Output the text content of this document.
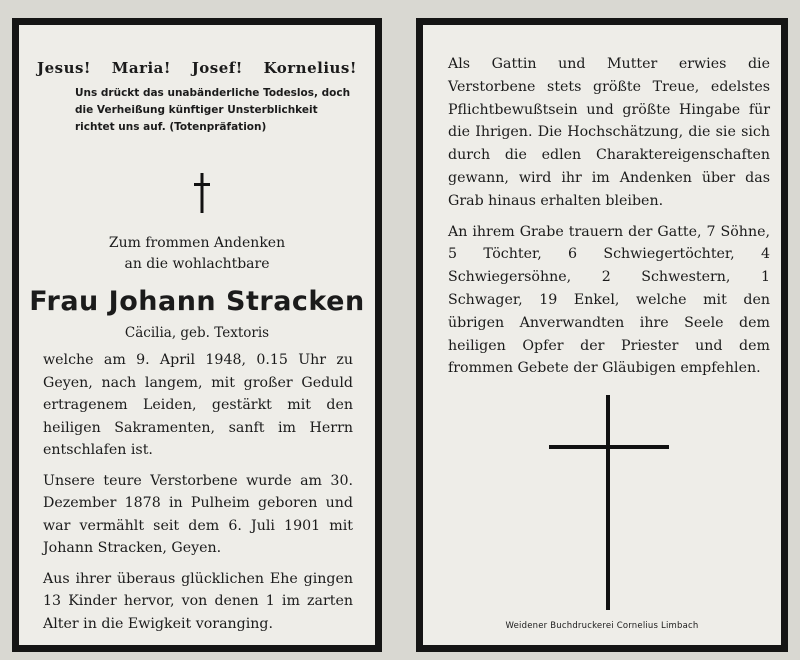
Jesus! Maria! Josef! Kornelius!
Uns drückt das unabänderliche Todeslos, doch die Verheißung künftiger Unsterblichkeit richtet uns auf. (Totenpräfation)
Zum frommen Andenken
an die wohlachtbare
Frau Johann Stracken
Cäcilia, geb. Textoris

welche am 9. April 1948, 0.15 Uhr zu Geyen, nach langem, mit großer Geduld ertragenem Leiden, gestärkt mit den heiligen Sakramenten, sanft im Herrn entschlafen ist.

Unsere teure Verstorbene wurde am 30. Dezember 1878 in Pulheim geboren und war vermählt seit dem 6. Juli 1901 mit Johann Stracken, Geyen.

Aus ihrer überaus glücklichen Ehe gingen 13 Kinder hervor, von denen 1 im zarten Alter in die Ewigkeit voranging.

Als Gattin und Mutter erwies die Verstorbene stets größte Treue, edelstes Pflichtbewußtsein und größte Hingabe für die Ihrigen. Die Hochschätzung, die sie sich durch die edlen Charaktereigenschaften gewann, wird ihr im Andenken über das Grab hinaus erhalten bleiben.

An ihrem Grabe trauern der Gatte, 7 Söhne, 5 Töchter, 6 Schwiegertöchter, 4 Schwiegersöhne, 2 Schwestern, 1 Schwager, 19 Enkel, welche mit den übrigen Anverwandten ihre Seele dem heiligen Opfer der Priester und dem frommen Gebete der Gläubigen empfehlen.

Weidener Buchdruckerei Cornelius Limbach
